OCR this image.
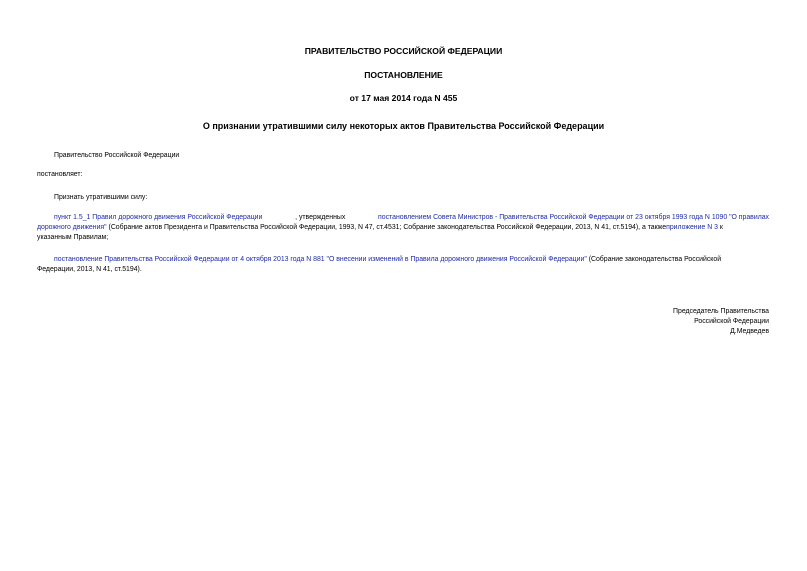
ПРАВИТЕЛЬСТВО РОССИЙСКОЙ ФЕДЕРАЦИИ
ПОСТАНОВЛЕНИЕ
от 17 мая 2014 года N 455
О признании утратившими силу некоторых актов Правительства Российской Федерации
Правительство Российской Федерации
постановляет:
Признать утратившими силу:
пункт 1.5_1 Правил дорожного движения Российской Федерации	, утвержденных	постановлением Совета Министров - Правительства Российской Федерации от 23 октября 1993 года N 1090 "О правилах
дорожного движения" (Собрание актов Президента и Правительства Российской Федерации, 1993, N 47, ст.4531; Собрание законодательства Российской Федерации, 2013, N 41, ст.5194), а такжеприложение N 3 к
указанным Правилам;
постановление Правительства Российской Федерации от 4 октября 2013 года N 881 "О внесении изменений в Правила дорожного движения Российской Федерации" (Собрание законодательства Российской
Федерации, 2013, N 41, ст.5194).
Председатель Правительства
Российской Федерации
Д.Медведев
